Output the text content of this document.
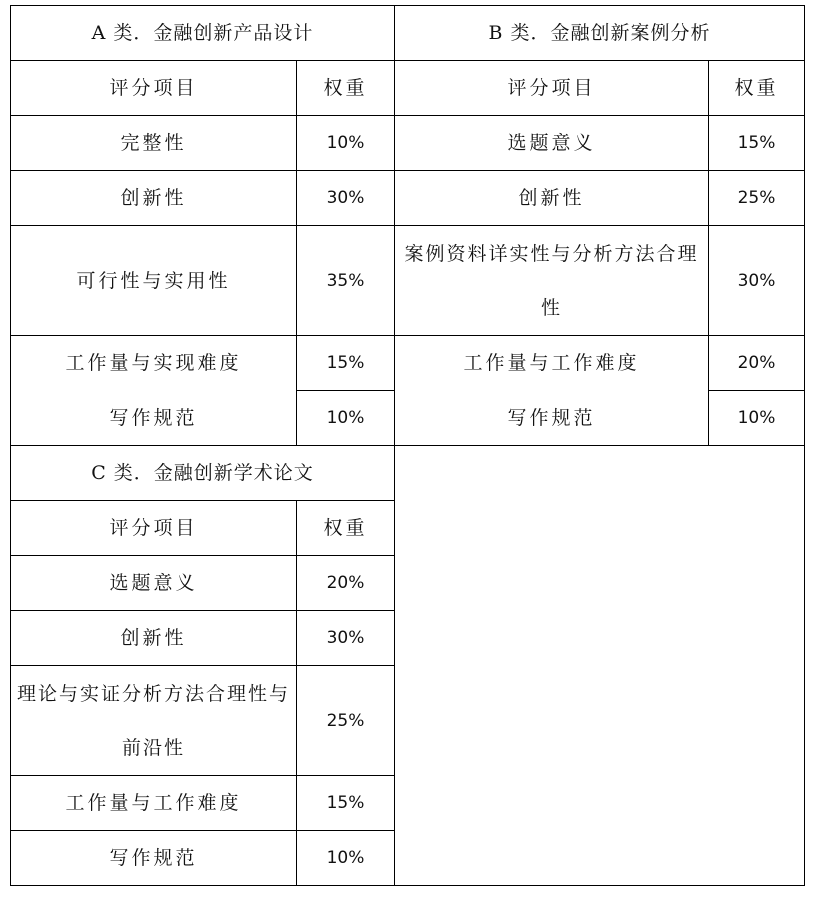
A 类．金融创新产品设计		B 类．金融创新案例分析	
评分项目	权重	评分项目	权重
完整性	10%	选题意义	15%
创新性	30%	创新性	25%
可行性与实用性	35%	案例资料详实性与分析方法合理性	30%
工作量与实现难度	15%	工作量与工作难度	20%
写作规范	10%	写作规范	10%
C 类．金融创新学术论文			
评分项目	权重		
选题意义	20%		
创新性	30%		
理论与实证分析方法合理性与前沿性	25%		
工作量与工作难度	15%		
写作规范	10%		
